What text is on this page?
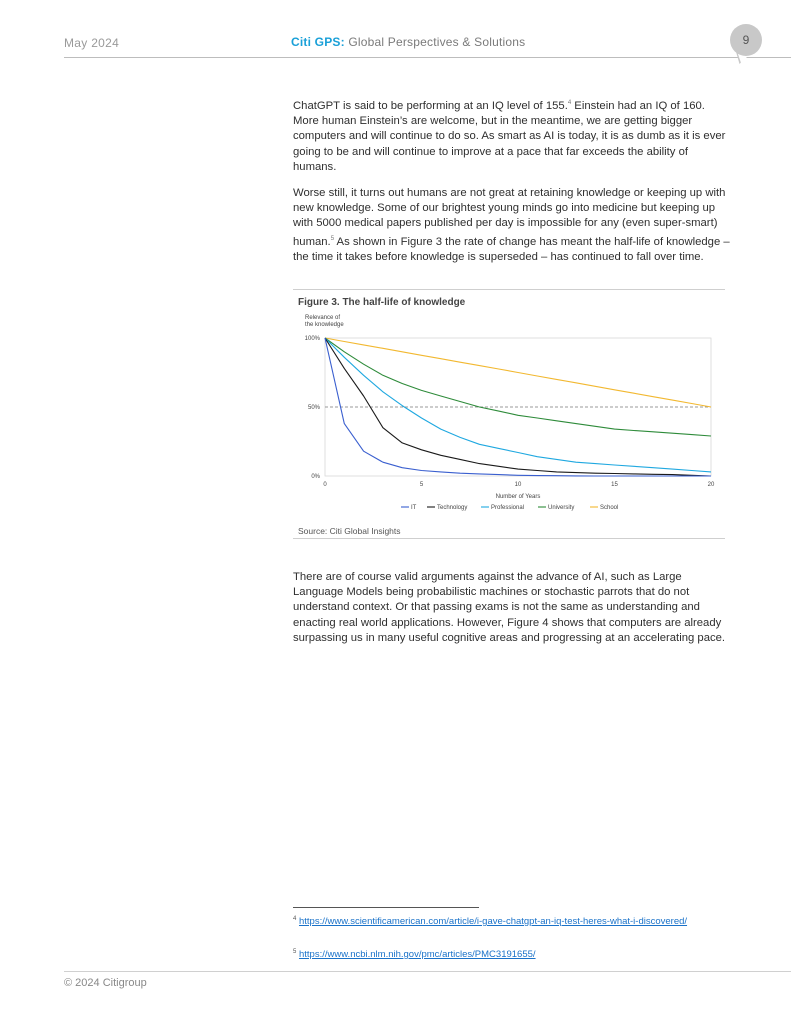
May 2024	Citi GPS: Global Perspectives & Solutions	9

ChatGPT is said to be performing at an IQ level of 155.$^4$ Einstein had an IQ of 160. More human Einstein’s are welcome, but in the meantime, we are getting bigger computers and will continue to do so. As smart as AI is today, it is as dumb as it is ever going to be and will continue to improve at a pace that far exceeds the ability of humans.

Worse still, it turns out humans are not great at retaining knowledge or keeping up with new knowledge. Some of our brightest young minds go into medicine but keeping up with 5000 medical papers published per day is impossible for any (even super-smart) human.$^5$ As shown in Figure 3 the rate of change has meant the half-life of knowledge – the time it takes before knowledge is superseded – has continued to fall over time.

Figure 3. The half-life of knowledge
Relevance of
the knowledge
100%
50%
0%
0	5	10	15	20
Number of Years
IT	Technology	Professional	University	School
Source: Citi Global Insights

There are of course valid arguments against the advance of AI, such as Large Language Models being probabilistic machines or stochastic parrots that do not understand context. Or that passing exams is not the same as understanding and enacting real world applications. However, Figure 4 shows that computers are already surpassing us in many useful cognitive areas and progressing at an accelerating pace.

$^4$ https://www.scientificamerican.com/article/i-gave-chatgpt-an-iq-test-heres-what-i-discovered/
$^5$ https://www.ncbi.nlm.nih.gov/pmc/articles/PMC3191655/
© 2024 Citigroup
